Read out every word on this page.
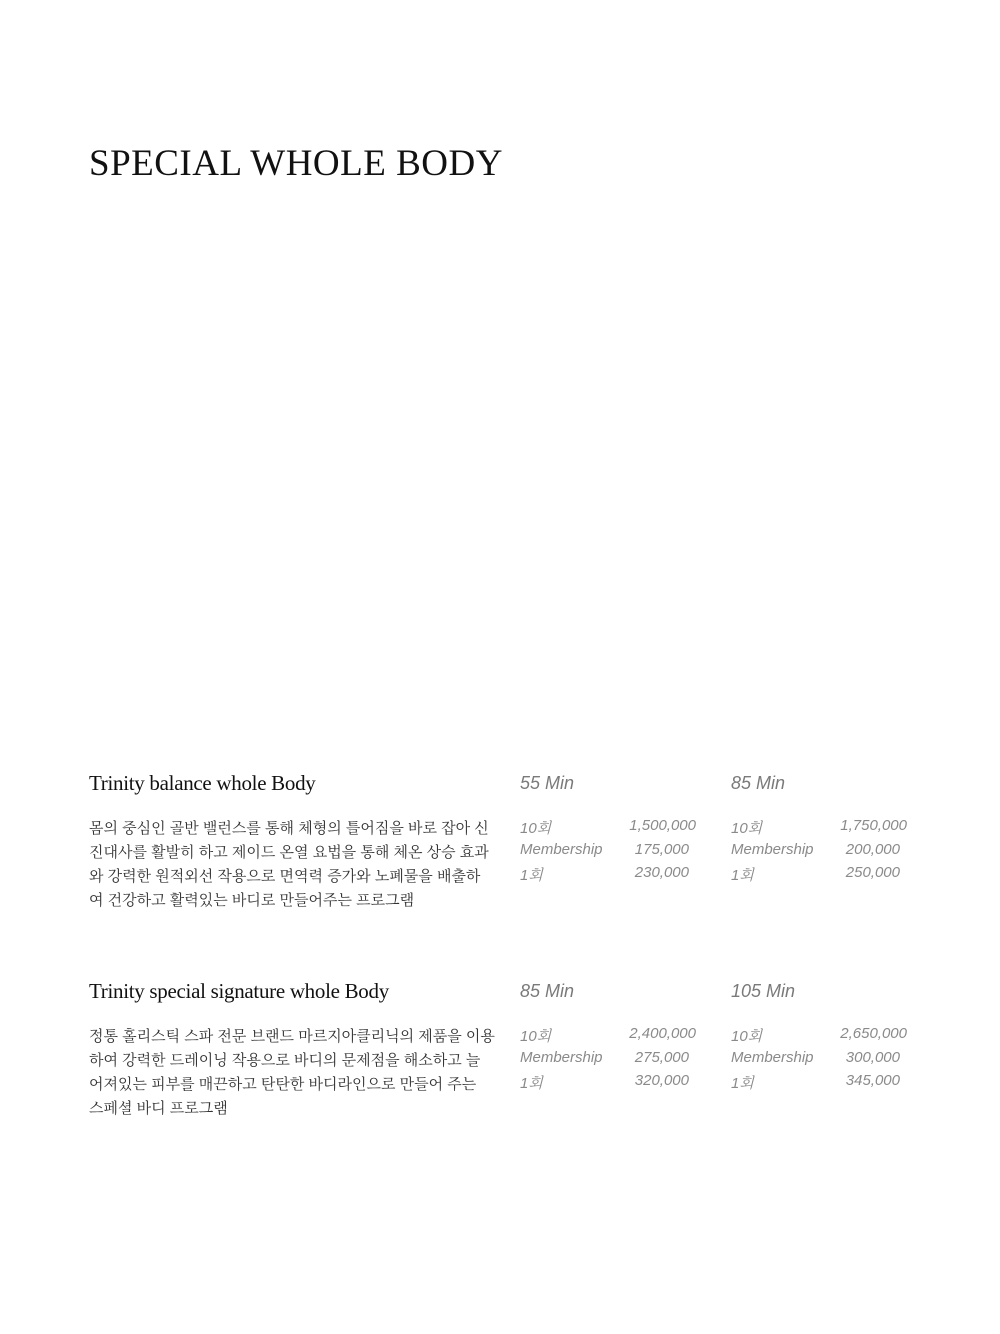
SPECIAL WHOLE BODY
Trinity balance whole Body

몸의 중심인 골반 밸런스를 통해 체형의 틀어짐을 바로 잡아 신
진대사를 활발히 하고 제이드 온열 요법을 통해 체온 상승 효과
와 강력한 원적외선 작용으로 면역력 증가와 노폐물을 배출하
여 건강하고 활력있는 바디로 만들어주는 프로그램

55 Min
10회	1,500,000
Membership 175,000
1회	230,000
85 Min
10회	1,750,000
Membership 200,000
1회	250,000
Trinity special signature whole Body

정통 홀리스틱 스파 전문 브랜드 마르지아클리닉의 제품을 이용
하여 강력한 드레이닝 작용으로 바디의 문제점을 해소하고 늘
어져있는 피부를 매끈하고 탄탄한 바디라인으로 만들어 주는
스페셜 바디 프로그램

85 Min
10회	2,400,000
Membership 275,000
1회	320,000
105 Min
10회	2,650,000
Membership 300,000
1회	345,000
